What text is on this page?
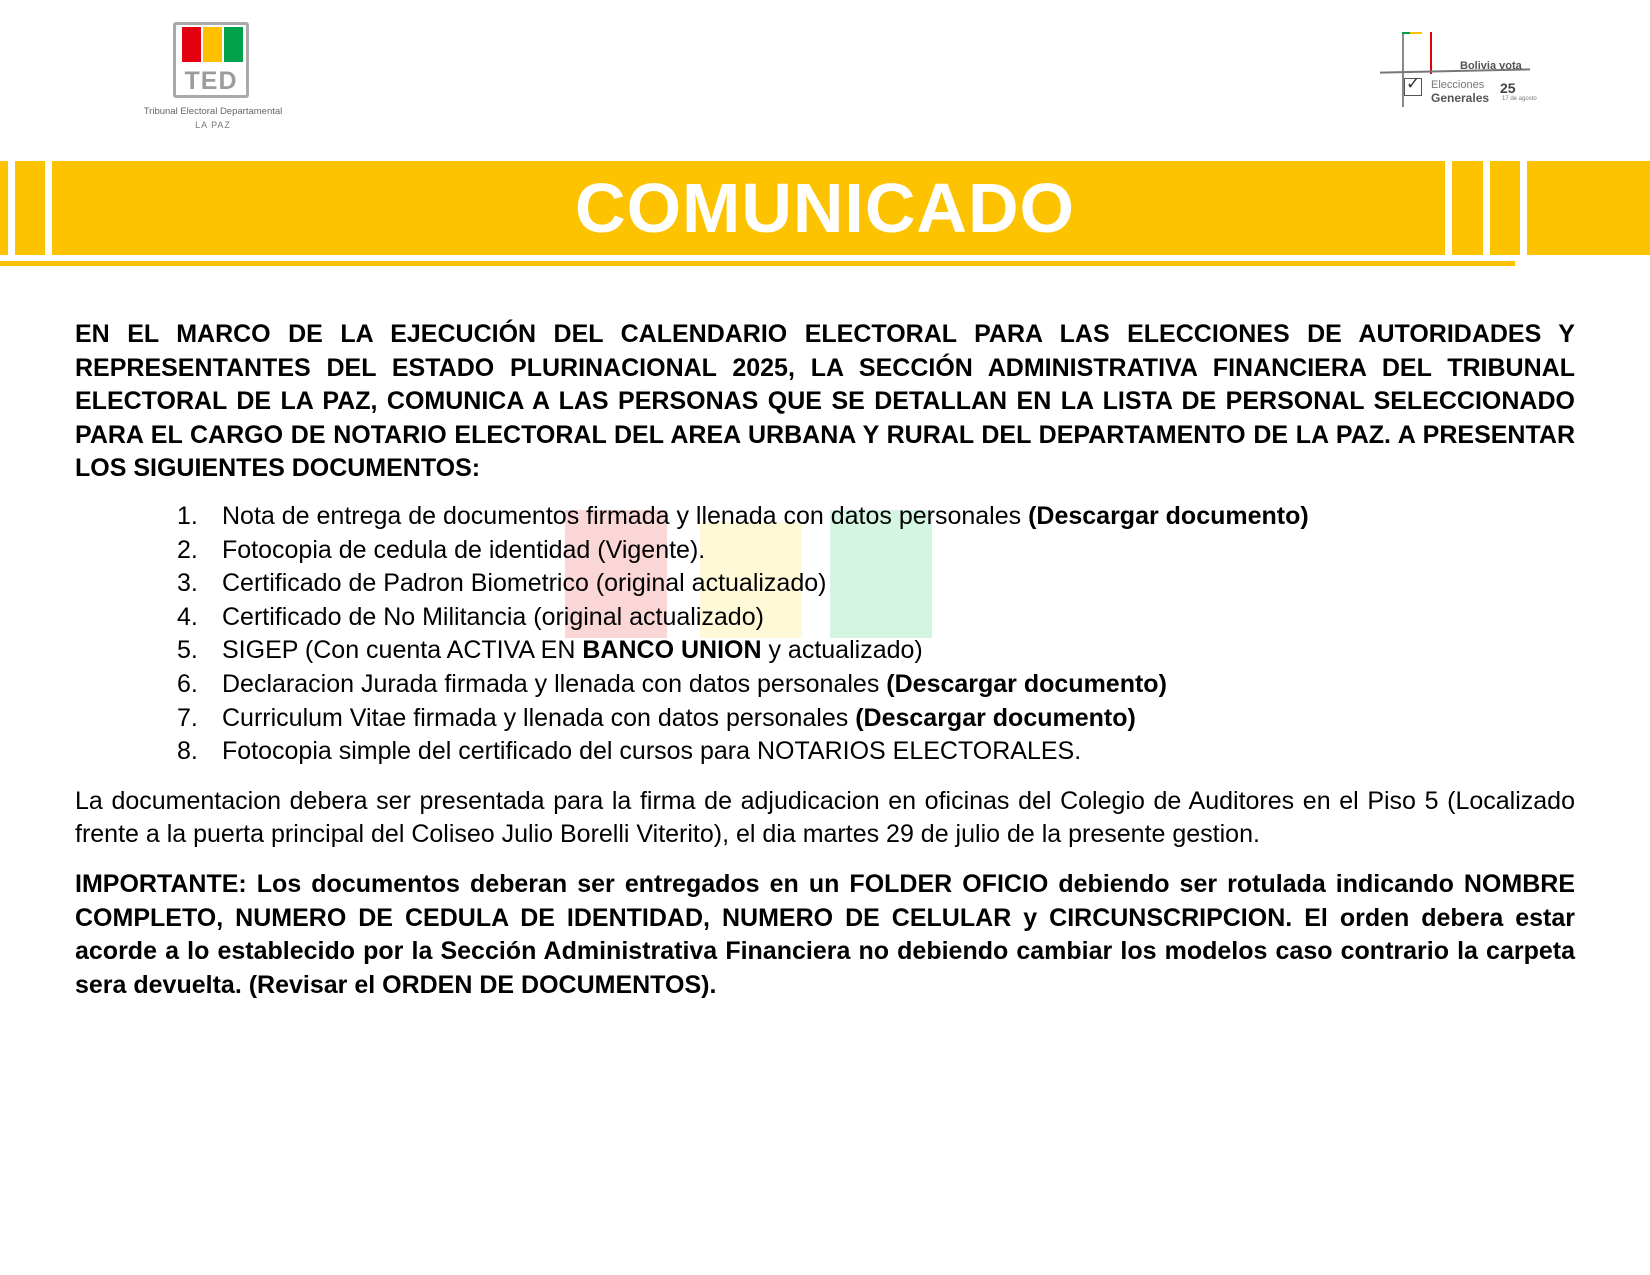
TED
Tribunal Electoral Departamental
LA PAZ
Bolivia vota
✓ Elecciones
Generales
25
17 de agosto
COMUNICADO

EN EL MARCO DE LA EJECUCIÓN DEL CALENDARIO ELECTORAL PARA LAS ELECCIONES DE AUTORIDADES Y REPRESENTANTES DEL ESTADO PLURINACIONAL 2025, LA SECCIÓN ADMINISTRATIVA FINANCIERA DEL TRIBUNAL ELECTORAL DE LA PAZ, COMUNICA A LAS PERSONAS QUE SE DETALLAN EN LA LISTA DE PERSONAL SELECCIONADO PARA EL CARGO DE NOTARIO ELECTORAL DEL AREA URBANA Y RURAL DEL DEPARTAMENTO DE LA PAZ. A PRESENTAR LOS SIGUIENTES DOCUMENTOS:

1. Nota de entrega de documentos firmada y llenada con datos personales (Descargar documento)
2. Fotocopia de cedula de identidad (Vigente).
3. Certificado de Padron Biometrico (original actualizado)
4. Certificado de No Militancia (original actualizado)
5. SIGEP (Con cuenta ACTIVA EN BANCO UNION y actualizado)
6. Declaracion Jurada firmada y llenada con datos personales (Descargar documento)
7. Curriculum Vitae firmada y llenada con datos personales (Descargar documento)
8. Fotocopia simple del certificado del cursos para NOTARIOS ELECTORALES.

La documentacion debera ser presentada para la firma de adjudicacion en oficinas del Colegio de Auditores en el Piso 5 (Localizado frente a la puerta principal del Coliseo Julio Borelli Viterito), el dia martes 29 de julio de la presente gestion.

IMPORTANTE: Los documentos deberan ser entregados en un FOLDER OFICIO debiendo ser rotulada indicando NOMBRE COMPLETO, NUMERO DE CEDULA DE IDENTIDAD, NUMERO DE CELULAR y CIRCUNSCRIPCION. El orden debera estar acorde a lo establecido por la Sección Administrativa Financiera no debiendo cambiar los modelos caso contrario la carpeta sera devuelta. (Revisar el ORDEN DE DOCUMENTOS).
